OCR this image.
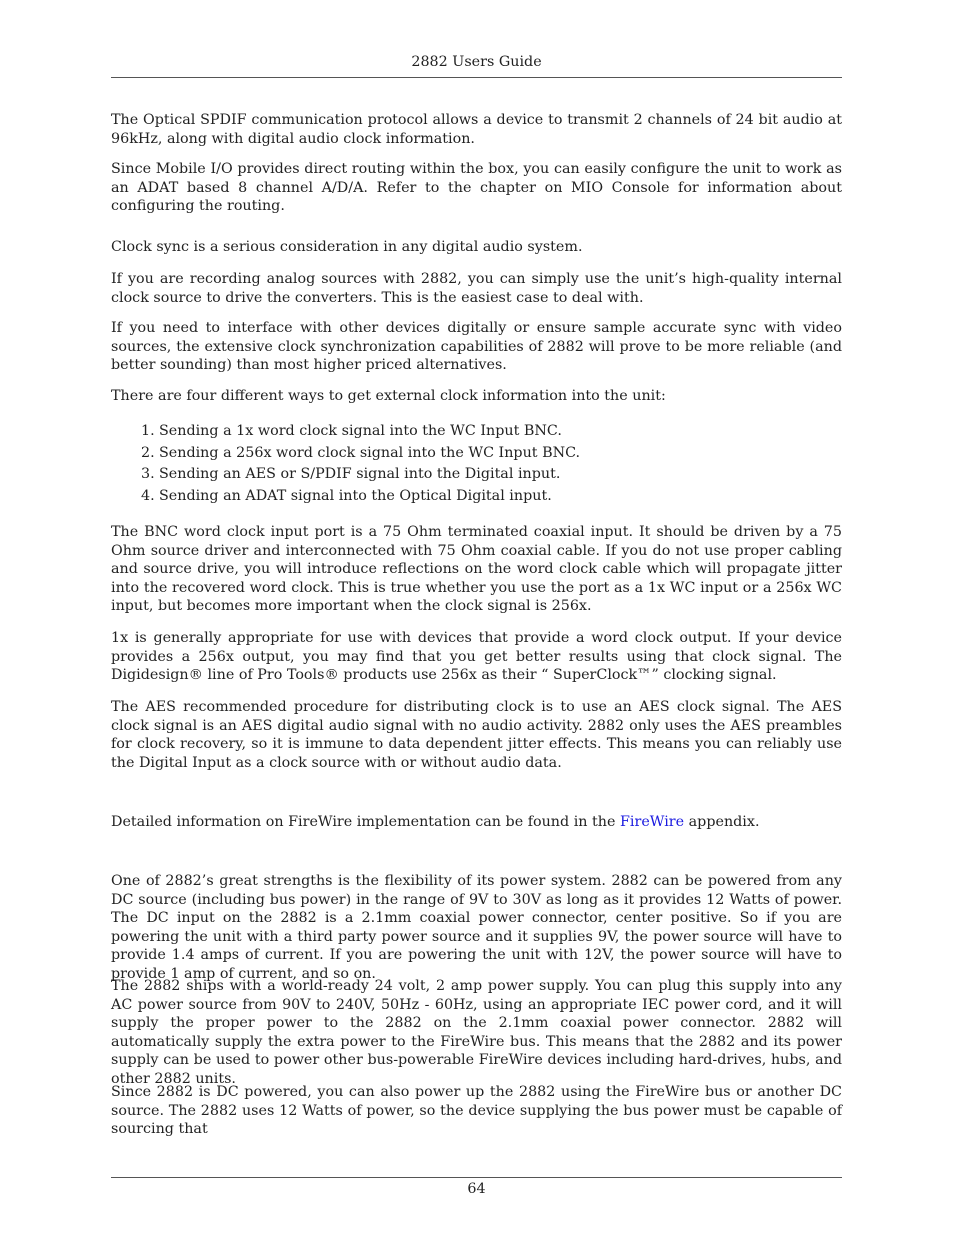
2882 Users Guide

The Optical SPDIF communication protocol allows a device to transmit 2 channels of 24 bit audio at 96kHz, along with digital audio clock information.

Since Mobile I/O provides direct routing within the box, you can easily configure the unit to work as an ADAT based 8 channel A/D/A. Refer to the chapter on MIO Console for information about configuring the routing.

Clock sync is a serious consideration in any digital audio system.

If you are recording analog sources with 2882, you can simply use the unit’s high-quality internal clock source to drive the converters. This is the easiest case to deal with.

If you need to interface with other devices digitally or ensure sample accurate sync with video sources, the extensive clock synchronization capabilities of 2882 will prove to be more reliable (and better sounding) than most higher priced alternatives.

There are four different ways to get external clock information into the unit:

1. Sending a 1x word clock signal into the WC Input BNC.
2. Sending a 256x word clock signal into the WC Input BNC.
3. Sending an AES or S/PDIF signal into the Digital input.
4. Sending an ADAT signal into the Optical Digital input.

The BNC word clock input port is a 75 Ohm terminated coaxial input. It should be driven by a 75 Ohm source driver and interconnected with 75 Ohm coaxial cable. If you do not use proper cabling and source drive, you will introduce reflections on the word clock cable which will propagate jitter into the recovered word clock. This is true whether you use the port as a 1x WC input or a 256x WC input, but becomes more important when the clock signal is 256x.

1x is generally appropriate for use with devices that provide a word clock output. If your device provides a 256x output, you may find that you get better results using that clock signal. The Digidesign® line of Pro Tools® products use 256x as their “ SuperClock™” clocking signal.

The AES recommended procedure for distributing clock is to use an AES clock signal. The AES clock signal is an AES digital audio signal with no audio activity. 2882 only uses the AES preambles for clock recovery, so it is immune to data dependent jitter effects. This means you can reliably use the Digital Input as a clock source with or without audio data.

Detailed information on FireWire implementation can be found in the FireWire appendix.

One of 2882’s great strengths is the flexibility of its power system. 2882 can be powered from any DC source (including bus power) in the range of 9V to 30V as long as it provides 12 Watts of power. The DC input on the 2882 is a 2.1mm coaxial power connector, center positive. So if you are powering the unit with a third party power source and it supplies 9V, the power source will have to provide 1.4 amps of current. If you are powering the unit with 12V, the power source will have to provide 1 amp of current, and so on.

The 2882 ships with a world-ready 24 volt, 2 amp power supply. You can plug this supply into any AC power source from 90V to 240V, 50Hz - 60Hz, using an appropriate IEC power cord, and it will supply the proper power to the 2882 on the 2.1mm coaxial power connector. 2882 will automatically supply the extra power to the FireWire bus. This means that the 2882 and its power supply can be used to power other bus-powerable FireWire devices including hard-drives, hubs, and other 2882 units.

Since 2882 is DC powered, you can also power up the 2882 using the FireWire bus or another DC source. The 2882 uses 12 Watts of power, so the device supplying the bus power must be capable of sourcing that

64
